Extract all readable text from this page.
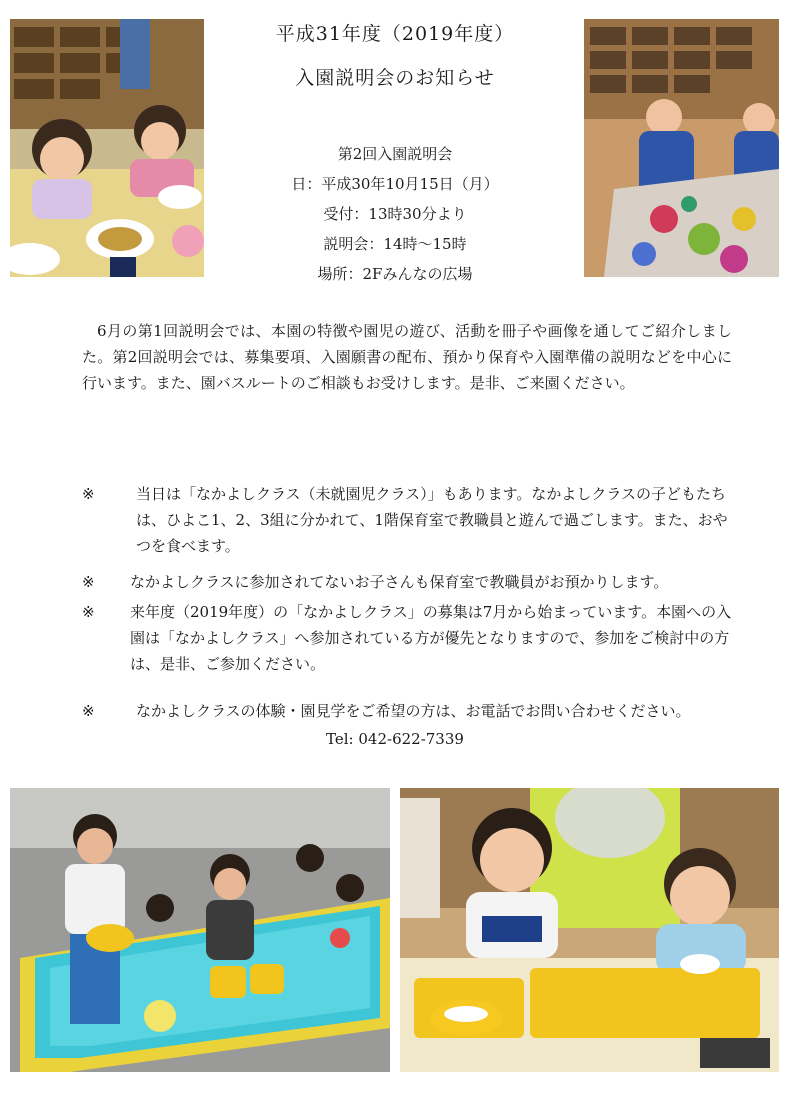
平成31年度（2019年度）
入園説明会のお知らせ
第2回入園説明会
日：平成30年10月15日（月）
受付：13時30分より
説明会：14時～15時
場所：2Fみんなの広場
6月の第1回説明会では、本園の特徴や園児の遊び、活動を冊子や画像を通してご紹介しました。第2回説明会では、募集要項、入園願書の配布、預かり保育や入園準備の説明などを中心に行います。また、園バスルートのご相談もお受けします。是非、ご来園ください。
※	当日は「なかよしクラス（未就園児クラス）」もあります。なかよしクラスの子どもたちは、ひよこ1、2、3組に分かれて、1階保育室で教職員と遊んで過ごします。また、おやつを食べます。
※	なかよしクラスに参加されてないお子さんも保育室で教職員がお預かりします。
※	来年度（2019年度）の「なかよしクラス」の募集は7月から始まっています。本園への入園は「なかよしクラス」へ参加されている方が優先となりますので、参加をご検討中の方は、是非、ご参加ください。
※	なかよしクラスの体験・園見学をご希望の方は、お電話でお問い合わせください。
Tel: 042-622-7339
